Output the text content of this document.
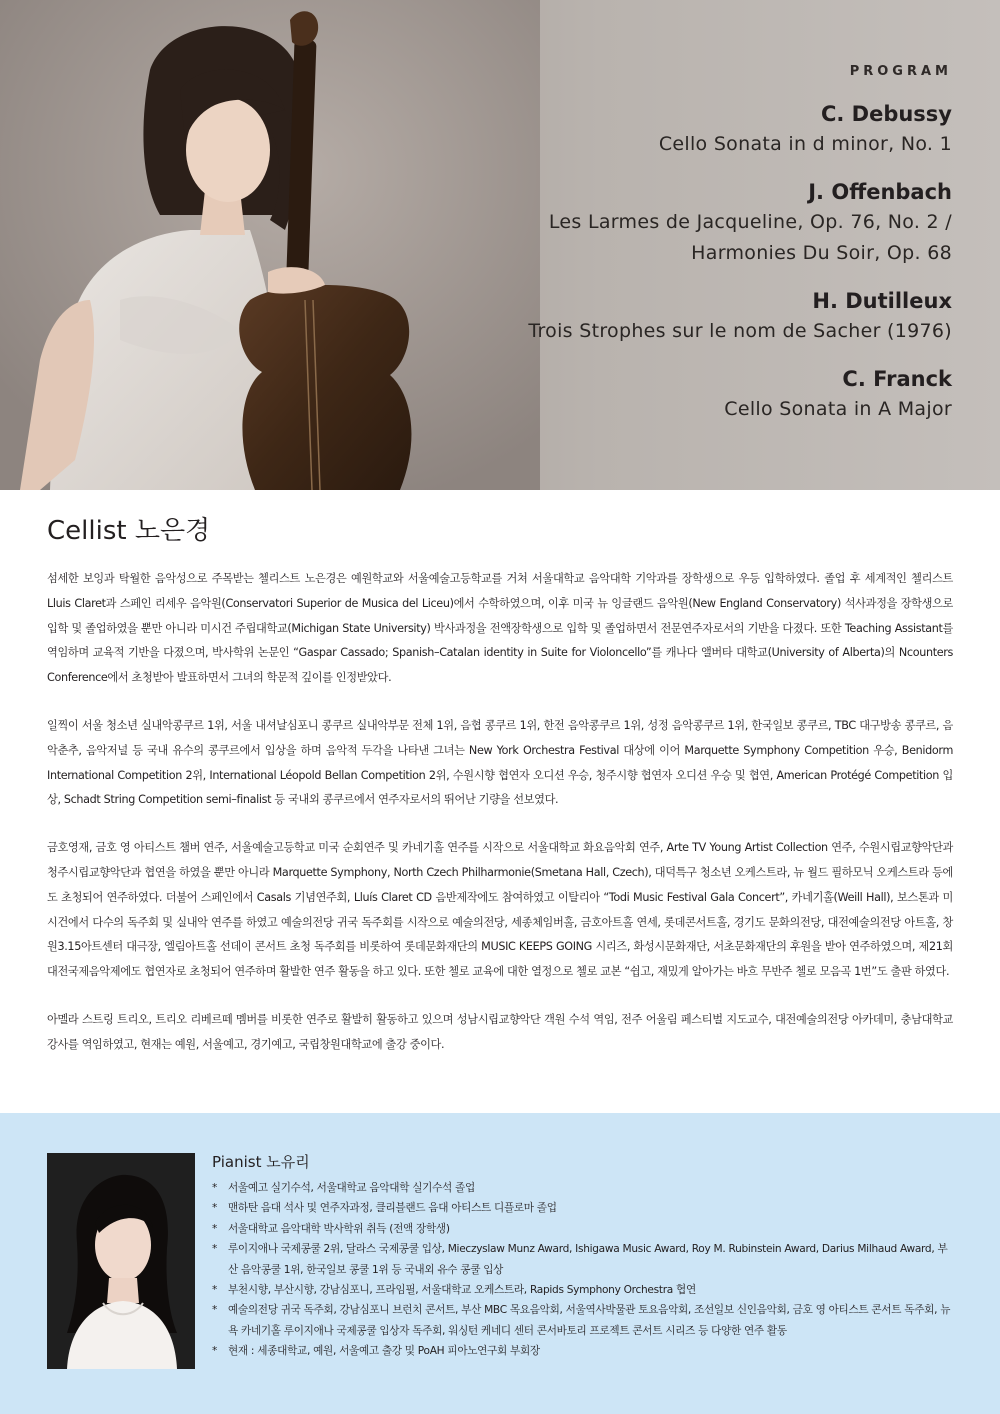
PROGRAM
C. Debussy
Cello Sonata in d minor, No. 1
J. Offenbach
Les Larmes de Jacqueline, Op. 76, No. 2 /
Harmonies Du Soir, Op. 68
H. Dutilleux
Trois Strophes sur le nom de Sacher (1976)
C. Franck
Cello Sonata in A Major
Cellist 노은경

섬세한 보잉과 탁월한 음악성으로 주목받는 첼리스트 노은경은 예원학교와 서울예술고등학교를 거쳐 서울대학교 음악대학 기악과를 장학생으로 우등 입학하였다. 졸업 후 세계적인 첼리스트 Lluis Claret과 스페인 리세우 음악원(Conservatori Superior de Musica del Liceu)에서 수학하였으며, 이후 미국 뉴 잉글랜드 음악원(New England Conservatory) 석사과정을 장학생으로 입학 및 졸업하였을 뿐만 아니라 미시건 주립대학교(Michigan State University) 박사과정을 전액장학생으로 입학 및 졸업하면서 전문연주자로서의 기반을 다졌다. 또한 Teaching Assistant를 역임하며 교육적 기반을 다졌으며, 박사학위 논문인 “Gaspar Cassado; Spanish–Catalan identity in Suite for Violoncello”를 캐나다 앨버타 대학교(University of Alberta)의 Ncounters Conference에서 초청받아 발표하면서 그녀의 학문적 깊이를 인정받았다.

일찍이 서울 청소년 실내악콩쿠르 1위, 서울 내셔날심포니 콩쿠르 실내악부문 전체 1위, 음협 콩쿠르 1위, 한전 음악콩쿠르 1위, 성정 음악콩쿠르 1위, 한국일보 콩쿠르, TBC 대구방송 콩쿠르, 음악춘추, 음악저널 등 국내 유수의 콩쿠르에서 입상을 하며 음악적 두각을 나타낸 그녀는 New York Orchestra Festival 대상에 이어 Marquette Symphony Competition 우승, Benidorm International Competition 2위, International Léopold Bellan Competition 2위, 수원시향 협연자 오디션 우승, 청주시향 협연자 오디션 우승 및 협연, American Protégé Competition 입상, Schadt String Competition semi–finalist 등 국내외 콩쿠르에서 연주자로서의 뛰어난 기량을 선보였다.

금호영재, 금호 영 아티스트 챔버 연주, 서울예술고등학교 미국 순회연주 및 카네기홀 연주를 시작으로 서울대학교 화요음악회 연주, Arte TV Young Artist Collection 연주, 수원시립교향악단과 청주시립교향악단과 협연을 하였을 뿐만 아니라 Marquette Symphony, North Czech Philharmonie(Smetana Hall, Czech), 대덕특구 청소년 오케스트라, 뉴 월드 필하모닉 오케스트라 등에도 초청되어 연주하였다. 더불어 스페인에서 Casals 기념연주회, Lluís Claret CD 음반제작에도 참여하였고 이탈리아 “Todi Music Festival Gala Concert”, 카네기홀(Weill Hall), 보스톤과 미시건에서 다수의 독주회 및 실내악 연주를 하였고 예술의전당 귀국 독주회를 시작으로 예술의전당, 세종체임버홀, 금호아트홀 연세, 롯데콘서트홀, 경기도 문화의전당, 대전예술의전당 아트홀, 창원3.15아트센터 대극장, 엘림아트홀 선데이 콘서트 초청 독주회를 비롯하여 롯데문화재단의 MUSIC KEEPS GOING 시리즈, 화성시문화재단, 서초문화재단의 후원을 받아 연주하였으며, 제21회 대전국제음악제에도 협연자로 초청되어 연주하며 활발한 연주 활동을 하고 있다. 또한 첼로 교육에 대한 열정으로 첼로 교본 “쉽고, 재밌게 알아가는 바흐 무반주 첼로 모음곡 1번”도 출판 하였다.

아멜라 스트링 트리오, 트리오 리베르떼 멤버를 비롯한 연주로 활발히 활동하고 있으며 성남시립교향악단 객원 수석 역임, 전주 어울림 페스티벌 지도교수, 대전예술의전당 아카데미, 충남대학교 강사를 역임하였고, 현재는 예원, 서울예고, 경기예고, 국립창원대학교에 출강 중이다.

Pianist 노유리
* 서울예고 실기수석, 서울대학교 음악대학 실기수석 졸업
* 맨하탄 음대 석사 및 연주자과정, 클리블랜드 음대 아티스트 디플로마 졸업
* 서울대학교 음악대학 박사학위 취득 (전액 장학생)
* 루이지애나 국제콩쿨 2위, 달라스 국제콩쿨 입상, Mieczyslaw Munz Award, Ishigawa Music Award, Roy M. Rubinstein Award, Darius Milhaud Award, 부산 음악콩쿨 1위, 한국일보 콩쿨 1위 등 국내외 유수 콩쿨 입상
* 부천시향, 부산시향, 강남심포니, 프라임필, 서울대학교 오케스트라, Rapids Symphony Orchestra 협연
* 예술의전당 귀국 독주회, 강남심포니 브런치 콘서트, 부산 MBC 목요음악회, 서울역사박물관 토요음악회, 조선일보 신인음악회, 금호 영 아티스트 콘서트 독주회, 뉴욕 카네기홀 루이지애나 국제콩쿨 입상자 독주회, 워싱턴 케네디 센터 콘서바토리 프로젝트 콘서트 시리즈 등 다양한 연주 활동
* 현재 : 세종대학교, 예원, 서울예고 출강 및 PoAH 피아노연구회 부회장
